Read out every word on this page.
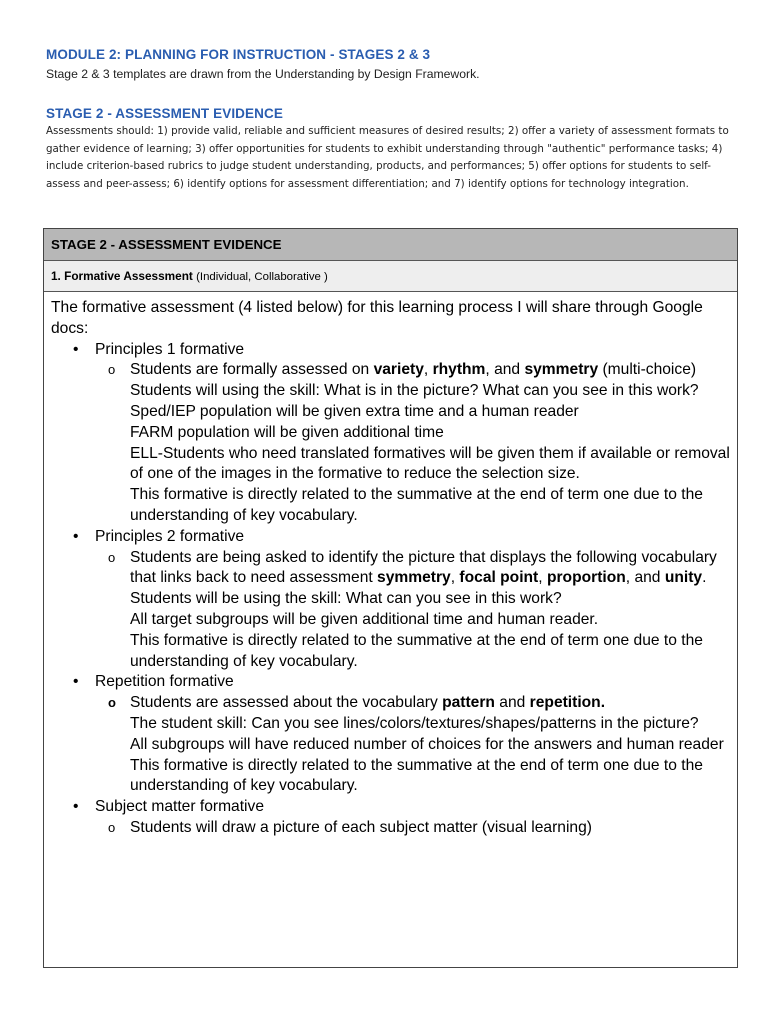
MODULE 2: PLANNING FOR INSTRUCTION - STAGES 2 & 3
Stage 2 & 3 templates are drawn from the Understanding by Design Framework.
STAGE 2 - ASSESSMENT EVIDENCE
Assessments should: 1) provide valid, reliable and sufficient measures of desired results; 2) offer a variety of assessment formats to gather evidence of learning; 3) offer opportunities for students to exhibit understanding through "authentic" performance tasks; 4) include criterion-based rubrics to judge student understanding, products, and performances; 5) offer options for students to self-assess and peer-assess; 6) identify options for assessment differentiation; and 7) identify options for technology integration.
STAGE 2 - ASSESSMENT EVIDENCE
1. Formative Assessment (Individual, Collaborative )
The formative assessment (4 listed below) for this learning process I will share through Google docs:
• Principles 1 formative
o Students are formally assessed on variety, rhythm, and symmetry (multi-choice)
Students will using the skill: What is in the picture? What can you see in this work?
Sped/IEP population will be given extra time and a human reader
FARM population will be given additional time
ELL-Students who need translated formatives will be given them if available or removal of one of the images in the formative to reduce the selection size.
This formative is directly related to the summative at the end of term one due to the understanding of key vocabulary.
• Principles 2 formative
o Students are being asked to identify the picture that displays the following vocabulary that links back to need assessment symmetry, focal point, proportion, and unity.
Students will be using the skill: What can you see in this work?
All target subgroups will be given additional time and human reader.
This formative is directly related to the summative at the end of term one due to the understanding of key vocabulary.
• Repetition formative
o Students are assessed about the vocabulary pattern and repetition.
The student skill: Can you see lines/colors/textures/shapes/patterns in the picture?
All subgroups will have reduced number of choices for the answers and human reader
This formative is directly related to the summative at the end of term one due to the understanding of key vocabulary.
• Subject matter formative
o Students will draw a picture of each subject matter (visual learning)
